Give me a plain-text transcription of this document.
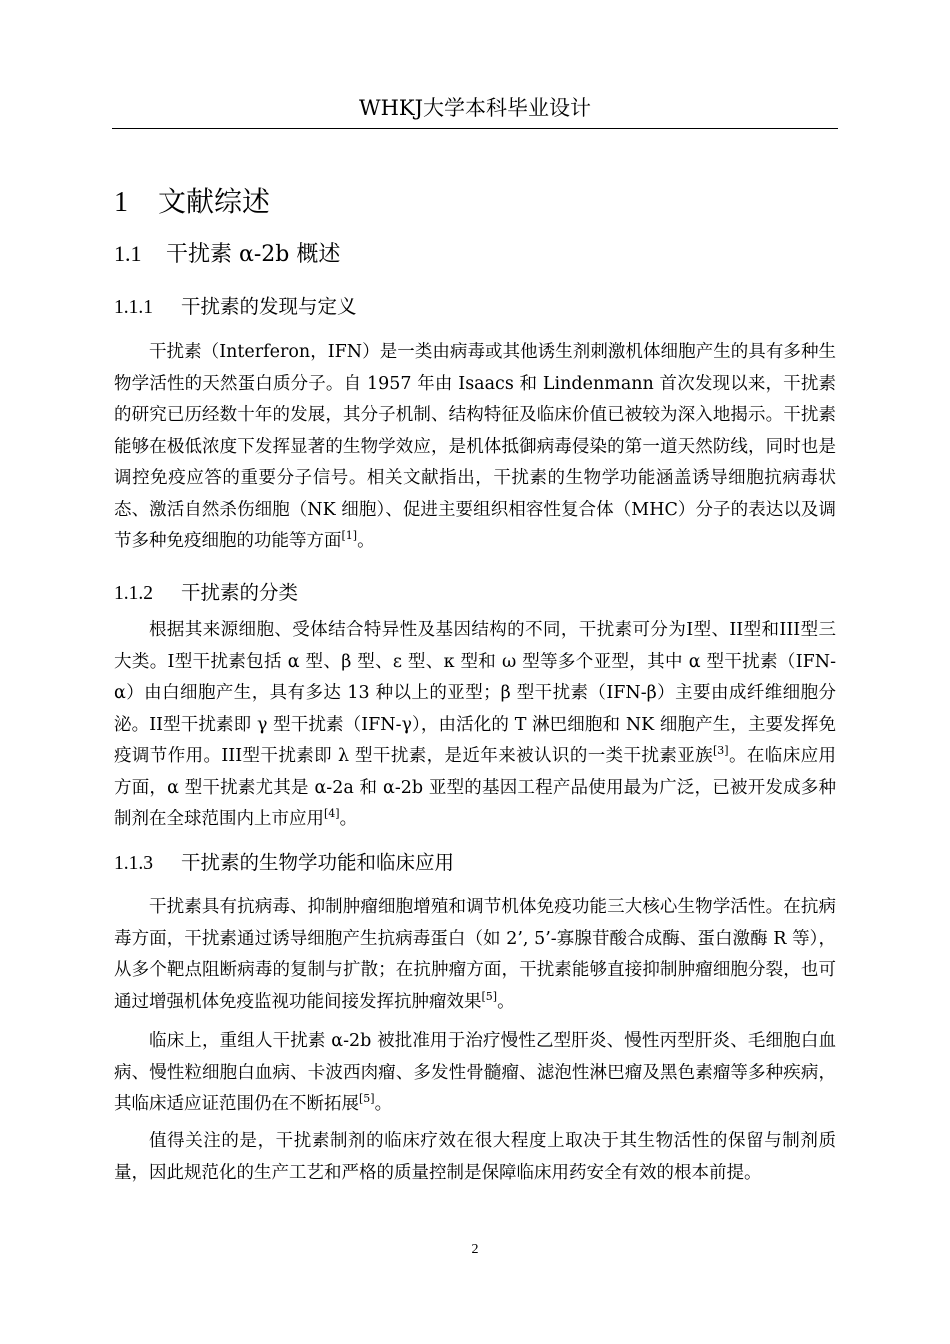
WHKJ大学本科毕业设计
1 文献综述
1.1 干扰素 α-2b 概述
1.1.1 干扰素的发现与定义

干扰素（Interferon，IFN）是一类由病毒或其他诱生剂刺激机体细胞产生的具有多种生物学活性的天然蛋白质分子。自 1957 年由 Isaacs 和 Lindenmann 首次发现以来，干扰素的研究已历经数十年的发展，其分子机制、结构特征及临床价值已被较为深入地揭示。干扰素能够在极低浓度下发挥显著的生物学效应，是机体抵御病毒侵染的第一道天然防线，同时也是调控免疫应答的重要分子信号。相关文献指出，干扰素的生物学功能涵盖诱导细胞抗病毒状态、激活自然杀伤细胞（NK 细胞）、促进主要组织相容性复合体（MHC）分子的表达以及调节多种免疫细胞的功能等方面[1]。

1.1.2 干扰素的分类

根据其来源细胞、受体结合特异性及基因结构的不同，干扰素可分为I型、II型和III型三大类。I型干扰素包括 α 型、β 型、ε 型、κ 型和 ω 型等多个亚型，其中 α 型干扰素（IFN-α）由白细胞产生，具有多达 13 种以上的亚型；β 型干扰素（IFN-β）主要由成纤维细胞分泌。II型干扰素即 γ 型干扰素（IFN-γ），由活化的 T 淋巴细胞和 NK 细胞产生，主要发挥免疫调节作用。III型干扰素即 λ 型干扰素，是近年来被认识的一类干扰素亚族[3]。在临床应用方面，α 型干扰素尤其是 α-2a 和 α-2b 亚型的基因工程产品使用最为广泛，已被开发成多种制剂在全球范围内上市应用[4]。

1.1.3 干扰素的生物学功能和临床应用

干扰素具有抗病毒、抑制肿瘤细胞增殖和调节机体免疫功能三大核心生物学活性。在抗病毒方面，干扰素通过诱导细胞产生抗病毒蛋白（如 2’, 5’-寡腺苷酸合成酶、蛋白激酶 R 等），从多个靶点阻断病毒的复制与扩散；在抗肿瘤方面，干扰素能够直接抑制肿瘤细胞分裂，也可通过增强机体免疫监视功能间接发挥抗肿瘤效果[5]。

临床上，重组人干扰素 α-2b 被批准用于治疗慢性乙型肝炎、慢性丙型肝炎、毛细胞白血病、慢性粒细胞白血病、卡波西肉瘤、多发性骨髓瘤、滤泡性淋巴瘤及黑色素瘤等多种疾病，其临床适应证范围仍在不断拓展[5]。

值得关注的是，干扰素制剂的临床疗效在很大程度上取决于其生物活性的保留与制剂质量，因此规范化的生产工艺和严格的质量控制是保障临床用药安全有效的根本前提。

2
